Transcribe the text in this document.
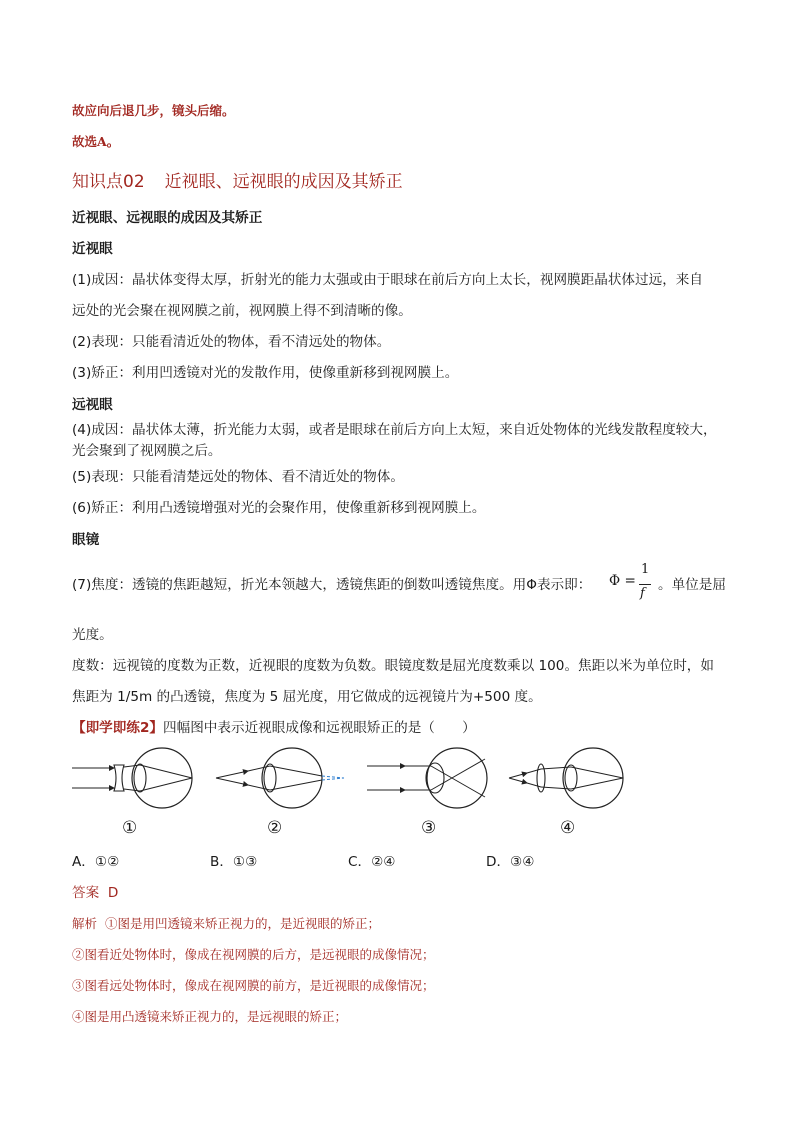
故应向后退几步，镜头后缩。
故选A。
知识点02 近视眼、远视眼的成因及其矫正
近视眼、远视眼的成因及其矫正
近视眼
(1)成因：晶状体变得太厚，折射光的能力太强或由于眼球在前后方向上太长，视网膜距晶状体过远，来自
远处的光会聚在视网膜之前，视网膜上得不到清晰的像。
(2)表现：只能看清近处的物体，看不清远处的物体。
(3)矫正：利用凹透镜对光的发散作用，使像重新移到视网膜上。
远视眼
(4)成因：晶状体太薄，折光能力太弱，或者是眼球在前后方向上太短，来自近处物体的光线发散程度较大，
光会聚到了视网膜之后。
(5)表现：只能看清楚远处的物体、看不清近处的物体。
(6)矫正：利用凸透镜增强对光的会聚作用，使像重新移到视网膜上。
眼镜
(7)焦度：透镜的焦距越短，折光本领越大，透镜焦距的倒数叫透镜焦度。用Φ表示即： Φ =
1
f
。单位是屈
光度。
度数：远视镜的度数为正数，近视眼的度数为负数。眼镜度数是屈光度数乘以 100。焦距以米为单位时，如
焦距为 1/5m 的凸透镜，焦度为 5 屈光度，用它做成的远视镜片为+500 度。
【即学即练2】四幅图中表示近视眼成像和远视眼矫正的是（　　）
①	②	③	④
A．①②	B．①③	C．②④	D．③④
答案 D
解析 ①图是用凹透镜来矫正视力的，是近视眼的矫正；
②图看近处物体时，像成在视网膜的后方，是远视眼的成像情况；
③图看远处物体时，像成在视网膜的前方，是近视眼的成像情况；
④图是用凸透镜来矫正视力的，是远视眼的矫正；
